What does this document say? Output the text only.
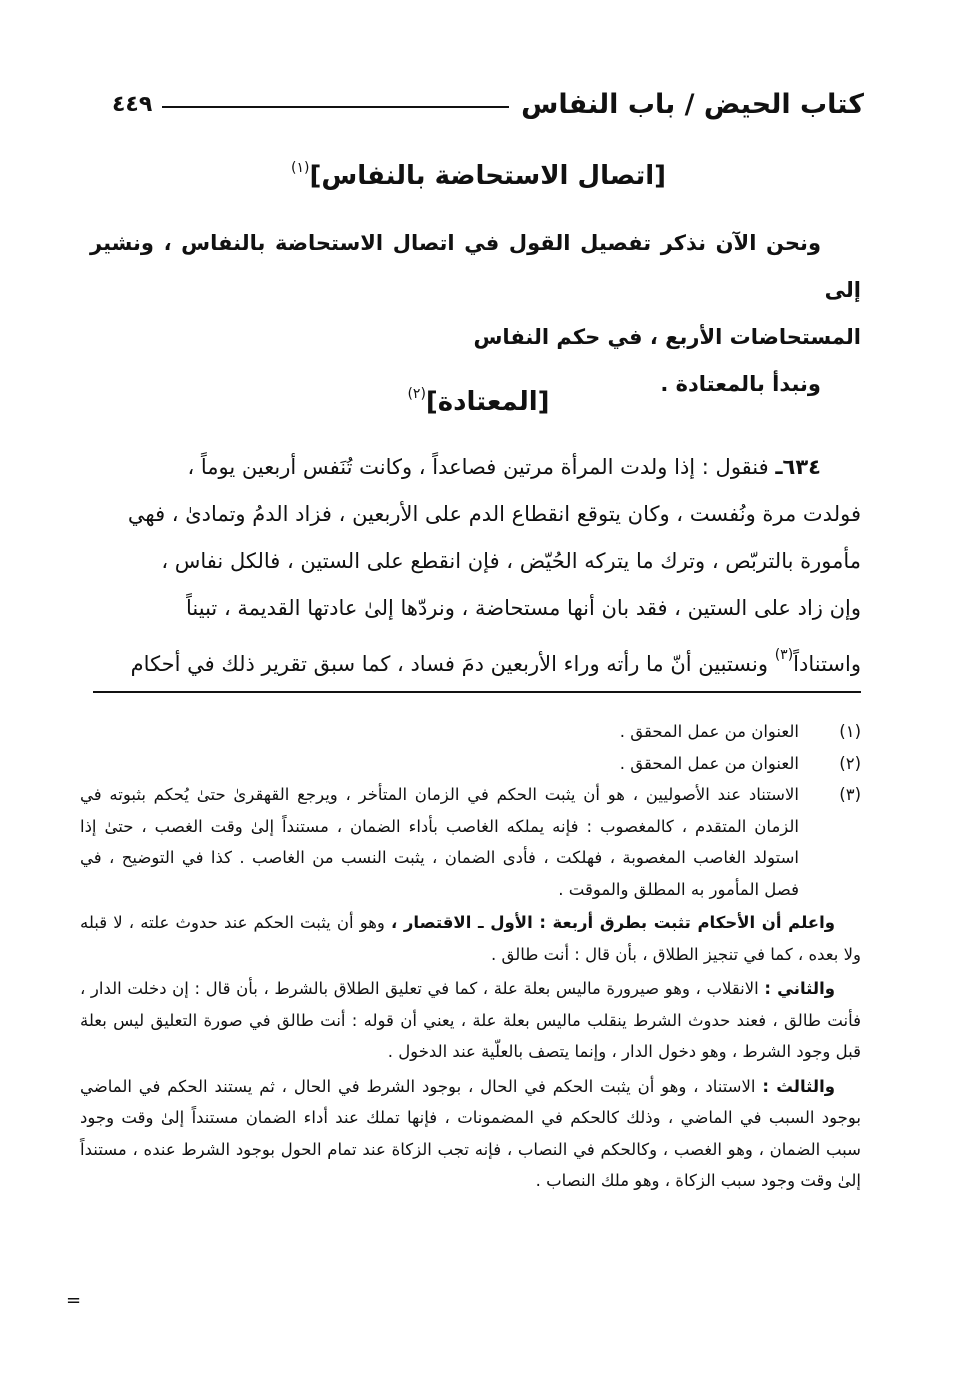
كتاب الحيض / باب النفاس
٤٤٩
[اتصال الاستحاضة بالنفاس]$^{(١)}$
ونحن الآن نذكر تفصيل القول في اتصال الاستحاضة بالنفاس ، ونشير إلى
المستحاضات الأربع ، في حكم النفاس
ونبدأ بالمعتادة .
[المعتادة]$^{(٢)}$
٦٣٤ـ فنقول : إذا ولدت المرأة مرتين فصاعداً ، وكانت تُنَفس أربعين يوماً ،
فولدت مرة ونُفست ، وكان يتوقع انقطاع الدم على الأربعين ، فزاد الدمُ وتمادىٰ ، فهي
مأمورة بالتربّص ، وترك ما يتركه الحُيّض ، فإن انقطع على الستين ، فالكل نفاس ،
وإن زاد على الستين ، فقد بان أنها مستحاضة ، ونردّها إلىٰ عادتها القديمة ، تبيناً
واستناداً$^{(٣)}$ ونستبين أنّ ما رأته وراء الأربعين دمَ فساد ، كما سبق تقرير ذلك في أحكام
(١)
العنوان من عمل المحقق .
(٢)
العنوان من عمل المحقق .
(٣)
الاستناد عند الأصوليين ، هو أن يثبت الحكم في الزمان المتأخر ، ويرجع القهقرىٰ حتىٰ يُحكم بثبوته في الزمان المتقدم ، كالمغصوب : فإنه يملكه الغاصب بأداء الضمان ، مستنداً إلىٰ وقت الغصب ، حتىٰ إذا استولد الغاصب المغصوبة ، فهلكت ، فأدى الضمان ، يثبت النسب من الغاصب . كذا في التوضيح ، في فصل المأمور به المطلق والموقت .
واعلم أن الأحكام تثبت بطرق أربعة : الأول ـ الاقتصار ، وهو أن يثبت الحكم عند حدوث علته ، لا قبله ولا بعده ، كما في تنجيز الطلاق ، بأن قال : أنت طالق .
والثاني : الانقلاب ، وهو صيرورة ماليس بعلة علة ، كما في تعليق الطلاق بالشرط ، بأن قال : إن دخلت الدار ، فأنت طالق ، فعند حدوث الشرط ينقلب ماليس بعلة علة ، يعني أن قوله : أنت طالق في صورة التعليق ليس بعلة قبل وجود الشرط ، وهو دخول الدار ، وإنما يتصف بالعلّية عند الدخول .
والثالث : الاستناد ، وهو أن يثبت الحكم في الحال ، بوجود الشرط في الحال ، ثم يستند الحكم في الماضي بوجود السبب في الماضي ، وذلك كالحكم في المضمونات ، فإنها تملك عند أداء الضمان مستنداً إلىٰ وقت وجود سبب الضمان ، وهو الغصب ، وكالحكم في النصاب ، فإنه تجب الزكاة عند تمام الحول بوجود الشرط عنده ، مستنداً إلىٰ وقت وجود سبب الزكاة ، وهو ملك النصاب .
=
